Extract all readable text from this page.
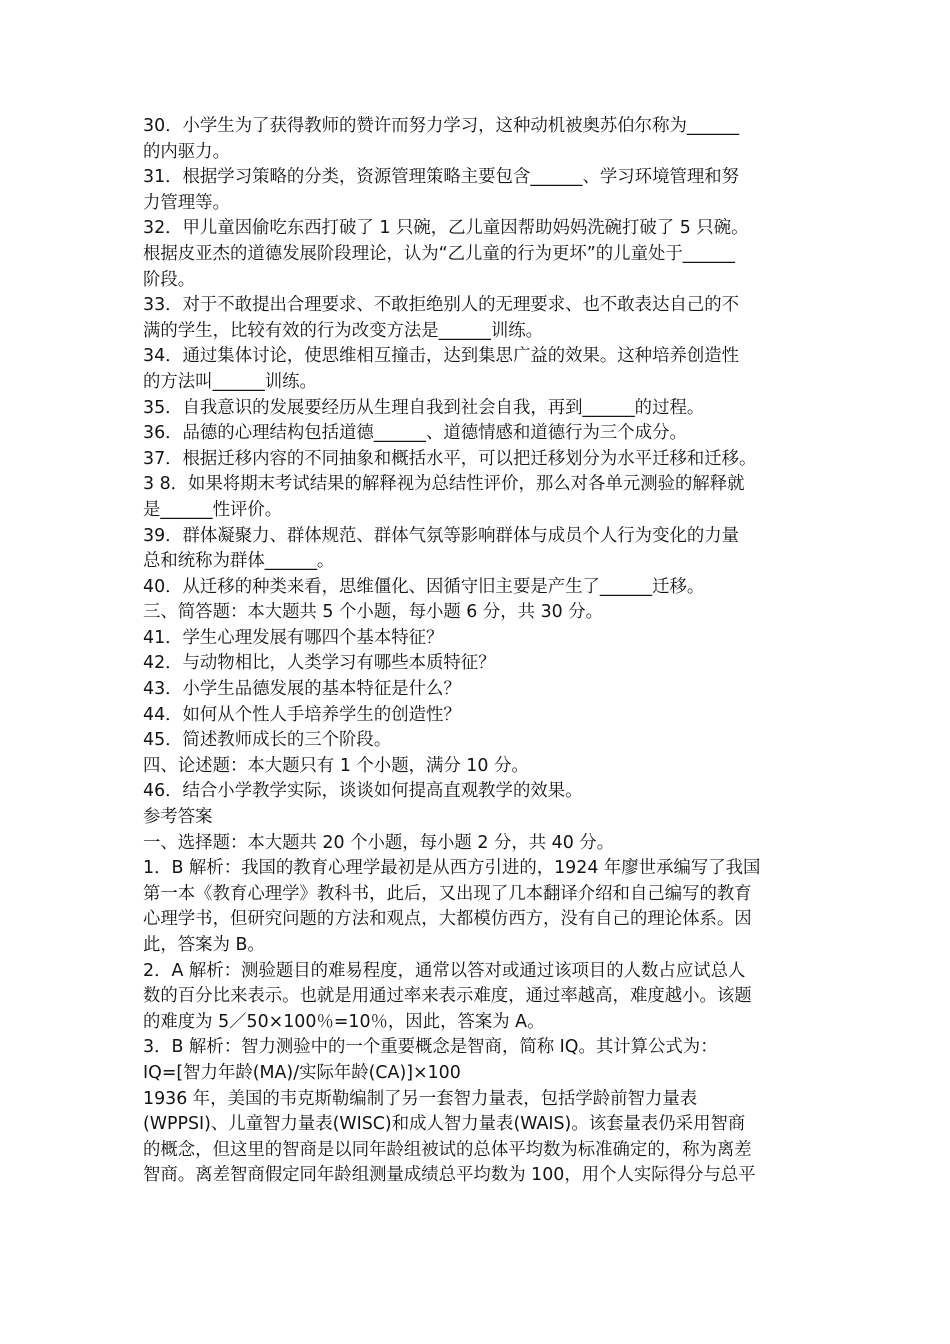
30．小学生为了获得教师的赞许而努力学习，这种动机被奥苏伯尔称为______
的内驱力。
31．根据学习策略的分类，资源管理策略主要包含______、学习环境管理和努
力管理等。
32．甲儿童因偷吃东西打破了 1 只碗，乙儿童因帮助妈妈洗碗打破了 5 只碗。
根据皮亚杰的道德发展阶段理论，认为“乙儿童的行为更坏”的儿童处于______
阶段。
33．对于不敢提出合理要求、不敢拒绝别人的无理要求、也不敢表达自己的不
满的学生，比较有效的行为改变方法是______训练。
34．通过集体讨论，使思维相互撞击，达到集思广益的效果。这种培养创造性
的方法叫______训练。
35．自我意识的发展要经历从生理自我到社会自我，再到______的过程。
36．品德的心理结构包括道德______、道德情感和道德行为三个成分。
37．根据迁移内容的不同抽象和概括水平，可以把迁移划分为水平迁移和迁移。
3 8．如果将期末考试结果的解释视为总结性评价，那么对各单元测验的解释就
是______性评价。
39．群体凝聚力、群体规范、群体气氛等影响群体与成员个人行为变化的力量
总和统称为群体______。
40．从迁移的种类来看，思维僵化、因循守旧主要是产生了______迁移。
三、简答题：本大题共 5 个小题，每小题 6 分，共 30 分。
41．学生心理发展有哪四个基本特征？
42．与动物相比，人类学习有哪些本质特征？
43．小学生品德发展的基本特征是什么？
44．如何从个性人手培养学生的创造性？
45．简述教师成长的三个阶段。
四、论述题：本大题只有 1 个小题，满分 10 分。
46．结合小学教学实际，谈谈如何提高直观教学的效果。
参考答案
一、选择题：本大题共 20 个小题，每小题 2 分，共 40 分。
1．B 解析：我国的教育心理学最初是从西方引进的，1924 年廖世承编写了我国
第一本《教育心理学》教科书，此后，又出现了几本翻译介绍和自己编写的教育
心理学书，但研究问题的方法和观点，大都模仿西方，没有自己的理论体系。因
此，答案为 B。
2．A 解析：测验题目的难易程度，通常以答对或通过该项目的人数占应试总人
数的百分比来表示。也就是用通过率来表示难度，通过率越高，难度越小。该题
的难度为 5／50×100％=10％，因此，答案为 A。
3．B 解析：智力测验中的一个重要概念是智商，简称 IQ。其计算公式为：
IQ=[智力年龄(MA)/实际年龄(CA)]×100
1936 年，美国的韦克斯勒编制了另一套智力量表，包括学龄前智力量表
(WPPSI)、儿童智力量表(WISC)和成人智力量表(WAIS)。该套量表仍采用智商
的概念，但这里的智商是以同年龄组被试的总体平均数为标准确定的，称为离差
智商。离差智商假定同年龄组测量成绩总平均数为 100，用个人实际得分与总平
